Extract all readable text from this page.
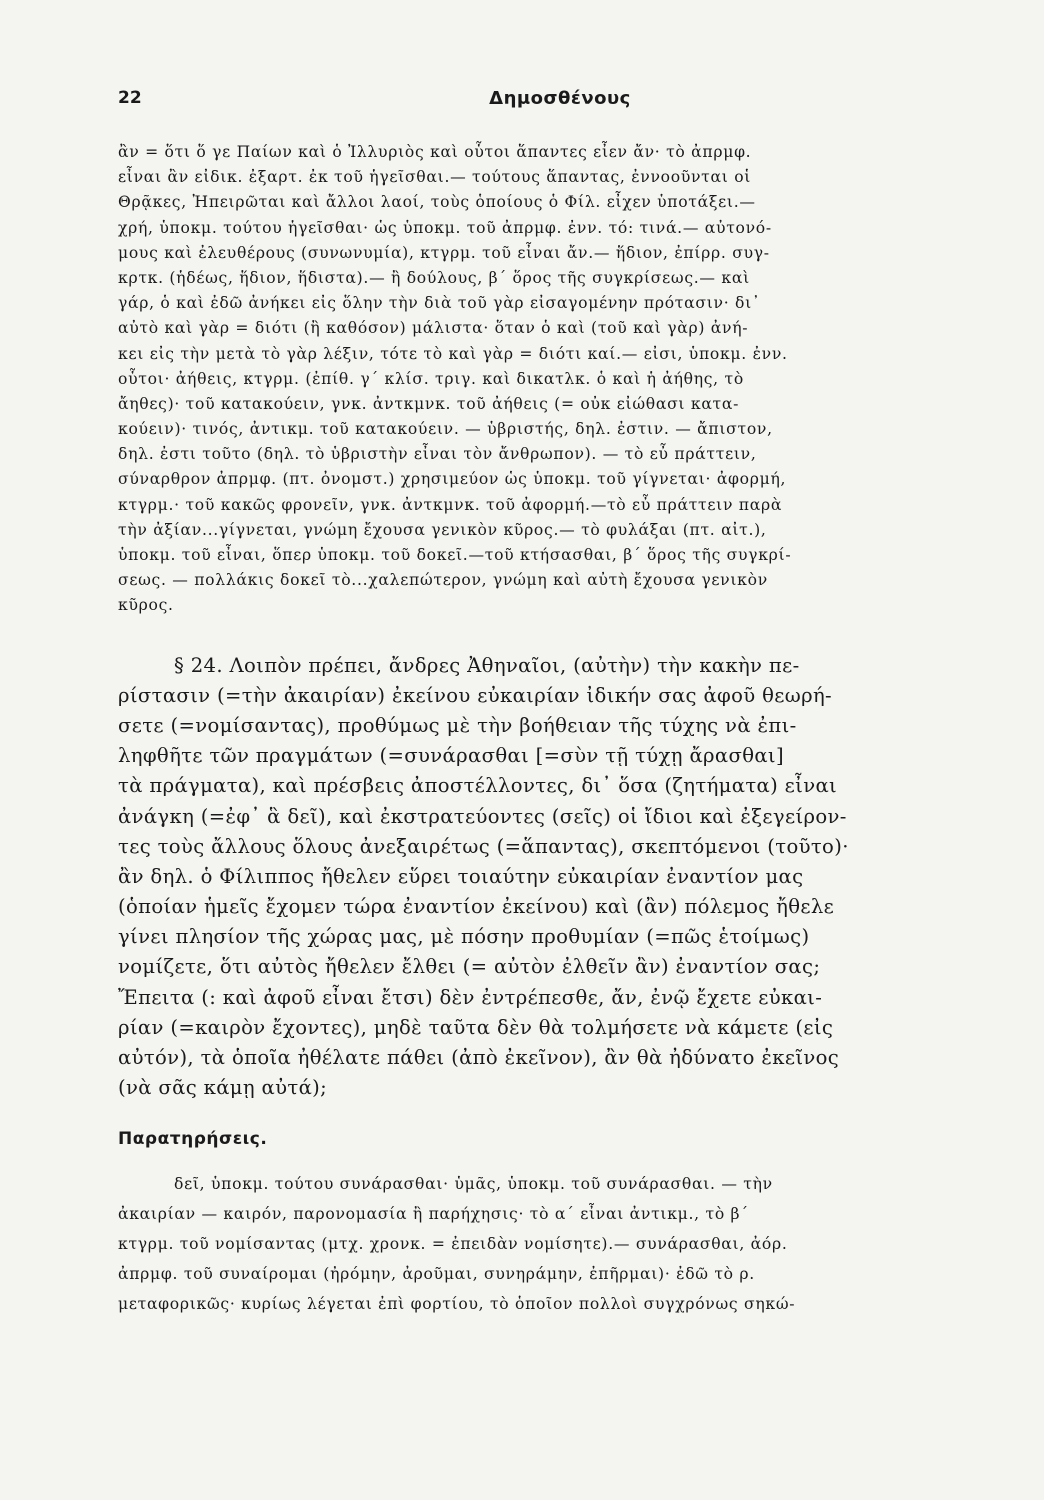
22	Δημοσθένους
ἂν = ὅτι ὅ γε Παίων καὶ ὁ Ἰλλυριὸς καὶ οὗτοι ἅπαντες εἶεν ἄν· τὸ ἀπρμφ.
εἶναι ἂν εἰδικ. ἐξαρτ. ἐκ τοῦ ἡγεῖσθαι.— τούτους ἅπαντας, ἐννοοῦνται οἱ
Θρᾷκες, Ἠπειρῶται καὶ ἄλλοι λαοί, τοὺς ὁποίους ὁ Φίλ. εἶχεν ὑποτάξει.—
χρή, ὑποκμ. τούτου ἡγεῖσθαι· ὡς ὑποκμ. τοῦ ἀπρμφ. ἐνν. τό: τινά.— αὐτονό-
μους καὶ ἐλευθέρους (συνωνυμία), κτγρμ. τοῦ εἶναι ἄν.— ἥδιον, ἐπίρρ. συγ-
κρτκ. (ἡδέως, ἥδιον, ἥδιστα).— ἢ δούλους, β΄ ὅρος τῆς συγκρίσεως.— καὶ
γάρ, ὁ καὶ ἐδῶ ἀνήκει εἰς ὅλην τὴν διὰ τοῦ γὰρ εἰσαγομένην πρότασιν· δι᾽
αὐτὸ καὶ γὰρ = διότι (ἢ καθόσον) μάλιστα· ὅταν ὁ καὶ (τοῦ καὶ γὰρ) ἀνή-
κει εἰς τὴν μετὰ τὸ γὰρ λέξιν, τότε τὸ καὶ γὰρ = διότι καί.— εἰσι, ὑποκμ. ἐνν.
οὗτοι· ἀήθεις, κτγρμ. (ἐπίθ. γ΄ κλίσ. τριγ. καὶ δικατλκ. ὁ καὶ ἡ ἀήθης, τὸ
ἄηθες)· τοῦ κατακούειν, γνκ. ἀντκμνκ. τοῦ ἀήθεις (= οὐκ εἰώθασι κατα-
κούειν)· τινός, ἀντικμ. τοῦ κατακούειν. — ὑβριστής, δηλ. ἐστιν. — ἄπιστον,
δηλ. ἐστι τοῦτο (δηλ. τὸ ὑβριστὴν εἶναι τὸν ἄνθρωπον). — τὸ εὖ πράττειν,
σύναρθρον ἀπρμφ. (πτ. ὀνομστ.) χρησιμεύον ὡς ὑποκμ. τοῦ γίγνεται· ἀφορμή,
κτγρμ.· τοῦ κακῶς φρονεῖν, γνκ. ἀντκμνκ. τοῦ ἀφορμή.—τὸ εὖ πράττειν παρὰ
τὴν ἀξίαν...γίγνεται, γνώμη ἔχουσα γενικὸν κῦρος.— τὸ φυλάξαι (πτ. αἰτ.),
ὑποκμ. τοῦ εἶναι, ὅπερ ὑποκμ. τοῦ δοκεῖ.—τοῦ κτήσασθαι, β΄ ὅρος τῆς συγκρί-
σεως. — πολλάκις δοκεῖ τὸ...χαλεπώτερον, γνώμη καὶ αὐτὴ ἔχουσα γενικὸν
κῦρος.
§ 24. Λοιπὸν πρέπει, ἄνδρες Ἀθηναῖοι, (αὐτὴν) τὴν κακὴν πε-
ρίστασιν (=τὴν ἀκαιρίαν) ἐκείνου εὐκαιρίαν ἰδικήν σας ἀφοῦ θεωρή-
σετε (=νομίσαντας), προθύμως μὲ τὴν βοήθειαν τῆς τύχης νὰ ἐπι-
ληφθῆτε τῶν πραγμάτων (=συνάρασθαι [=σὺν τῇ τύχῃ ἄρασθαι]
τὰ πράγματα), καὶ πρέσβεις ἀποστέλλοντες, δι᾽ ὅσα (ζητήματα) εἶναι
ἀνάγκη (=ἐφ᾽ ἃ δεῖ), καὶ ἐκστρατεύοντες (σεῖς) οἱ ἴδιοι καὶ ἐξεγείρον-
τες τοὺς ἄλλους ὅλους ἀνεξαιρέτως (=ἅπαντας), σκεπτόμενοι (τοῦτο)·
ἂν δηλ. ὁ Φίλιππος ἤθελεν εὕρει τοιαύτην εὐκαιρίαν ἐναντίον μας
(ὁποίαν ἡμεῖς ἔχομεν τώρα ἐναντίον ἐκείνου) καὶ (ἂν) πόλεμος ἤθελε
γίνει πλησίον τῆς χώρας μας, μὲ πόσην προθυμίαν (=πῶς ἑτοίμως)
νομίζετε, ὅτι αὐτὸς ἤθελεν ἔλθει (= αὐτὸν ἐλθεῖν ἂν) ἐναντίον σας;
Ἔπειτα (: καὶ ἀφοῦ εἶναι ἔτσι) δὲν ἐντρέπεσθε, ἄν, ἐνῷ ἔχετε εὐκαι-
ρίαν (=καιρὸν ἔχοντες), μηδὲ ταῦτα δὲν θὰ τολμήσετε νὰ κάμετε (εἰς
αὐτόν), τὰ ὁποῖα ἠθέλατε πάθει (ἀπὸ ἐκεῖνον), ἂν θὰ ἠδύνατο ἐκεῖνος
(νὰ σᾶς κάμῃ αὐτά);
Παρατηρήσεις.
δεῖ, ὑποκμ. τούτου συνάρασθαι· ὑμᾶς, ὑποκμ. τοῦ συνάρασθαι. — τὴν
ἀκαιρίαν — καιρόν, παρονομασία ἢ παρήχησις· τὸ α΄ εἶναι ἀντικμ., τὸ β΄
κτγρμ. τοῦ νομίσαντας (μτχ. χρονκ. = ἐπειδὰν νομίσητε).— συνάρασθαι, ἀόρ.
ἀπρμφ. τοῦ συναίρομαι (ἠρόμην, ἀροῦμαι, συνηράμην, ἐπῆρμαι)· ἐδῶ τὸ ρ.
μεταφορικῶς· κυρίως λέγεται ἐπὶ φορτίου, τὸ ὁποῖον πολλοὶ συγχρόνως σηκώ-
